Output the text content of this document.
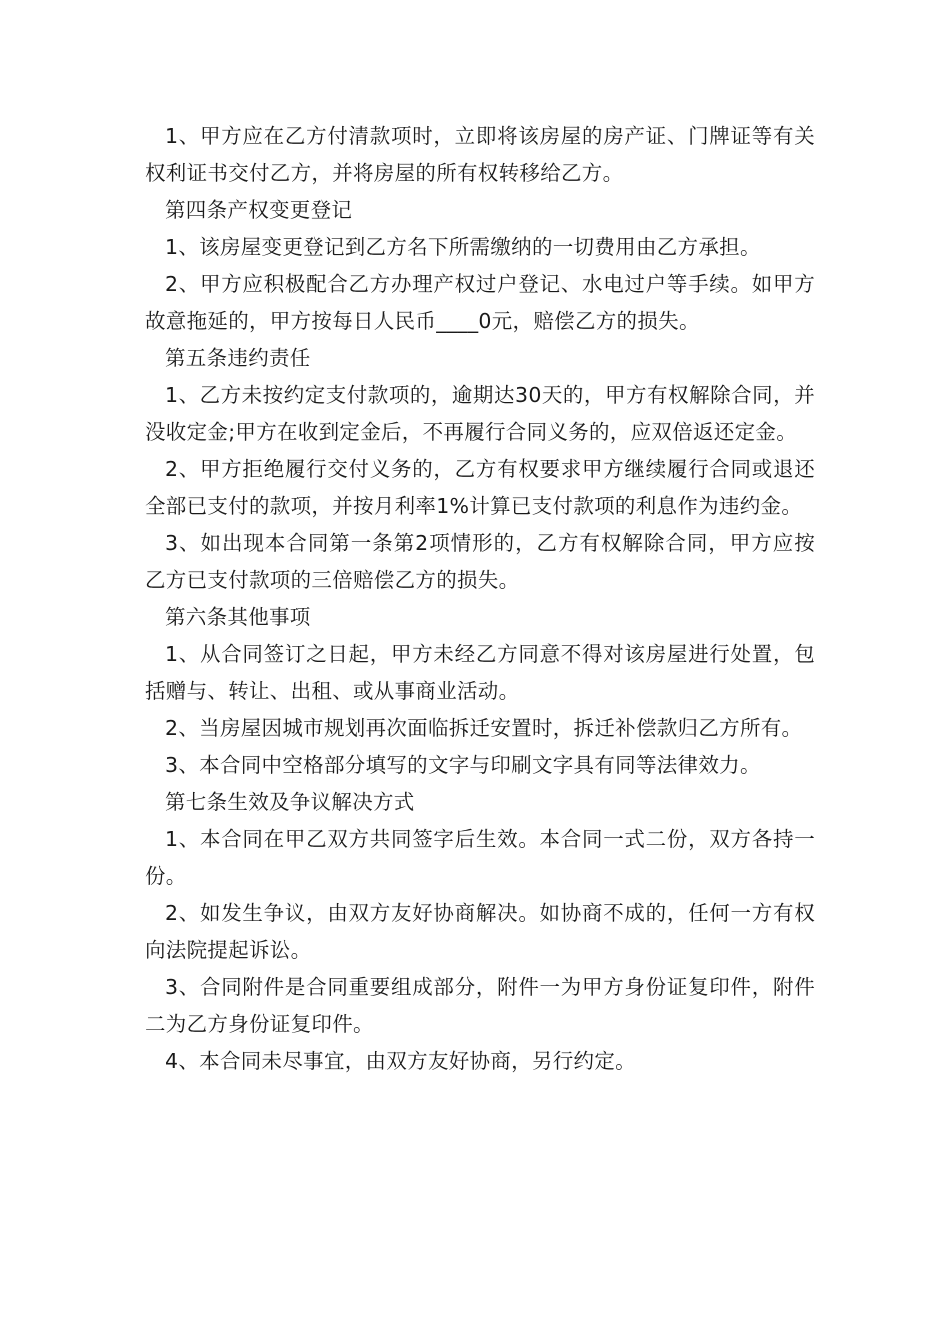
1、甲方应在乙方付清款项时，立即将该房屋的房产证、门牌证等有关权利证书交付乙方，并将房屋的所有权转移给乙方。

第四条产权变更登记

1、该房屋变更登记到乙方名下所需缴纳的一切费用由乙方承担。

2、甲方应积极配合乙方办理产权过户登记、水电过户等手续。如甲方故意拖延的，甲方按每日人民币____0元，赔偿乙方的损失。

第五条违约责任

1、乙方未按约定支付款项的，逾期达30天的，甲方有权解除合同，并没收定金;甲方在收到定金后，不再履行合同义务的，应双倍返还定金。

2、甲方拒绝履行交付义务的，乙方有权要求甲方继续履行合同或退还全部已支付的款项，并按月利率1%计算已支付款项的利息作为违约金。

3、如出现本合同第一条第2项情形的，乙方有权解除合同，甲方应按乙方已支付款项的三倍赔偿乙方的损失。

第六条其他事项

1、从合同签订之日起，甲方未经乙方同意不得对该房屋进行处置，包括赠与、转让、出租、或从事商业活动。

2、当房屋因城市规划再次面临拆迁安置时，拆迁补偿款归乙方所有。

3、本合同中空格部分填写的文字与印刷文字具有同等法律效力。

第七条生效及争议解决方式

1、本合同在甲乙双方共同签字后生效。本合同一式二份，双方各持一份。

2、如发生争议，由双方友好协商解决。如协商不成的，任何一方有权向法院提起诉讼。

3、合同附件是合同重要组成部分，附件一为甲方身份证复印件，附件二为乙方身份证复印件。

4、本合同未尽事宜，由双方友好协商，另行约定。
